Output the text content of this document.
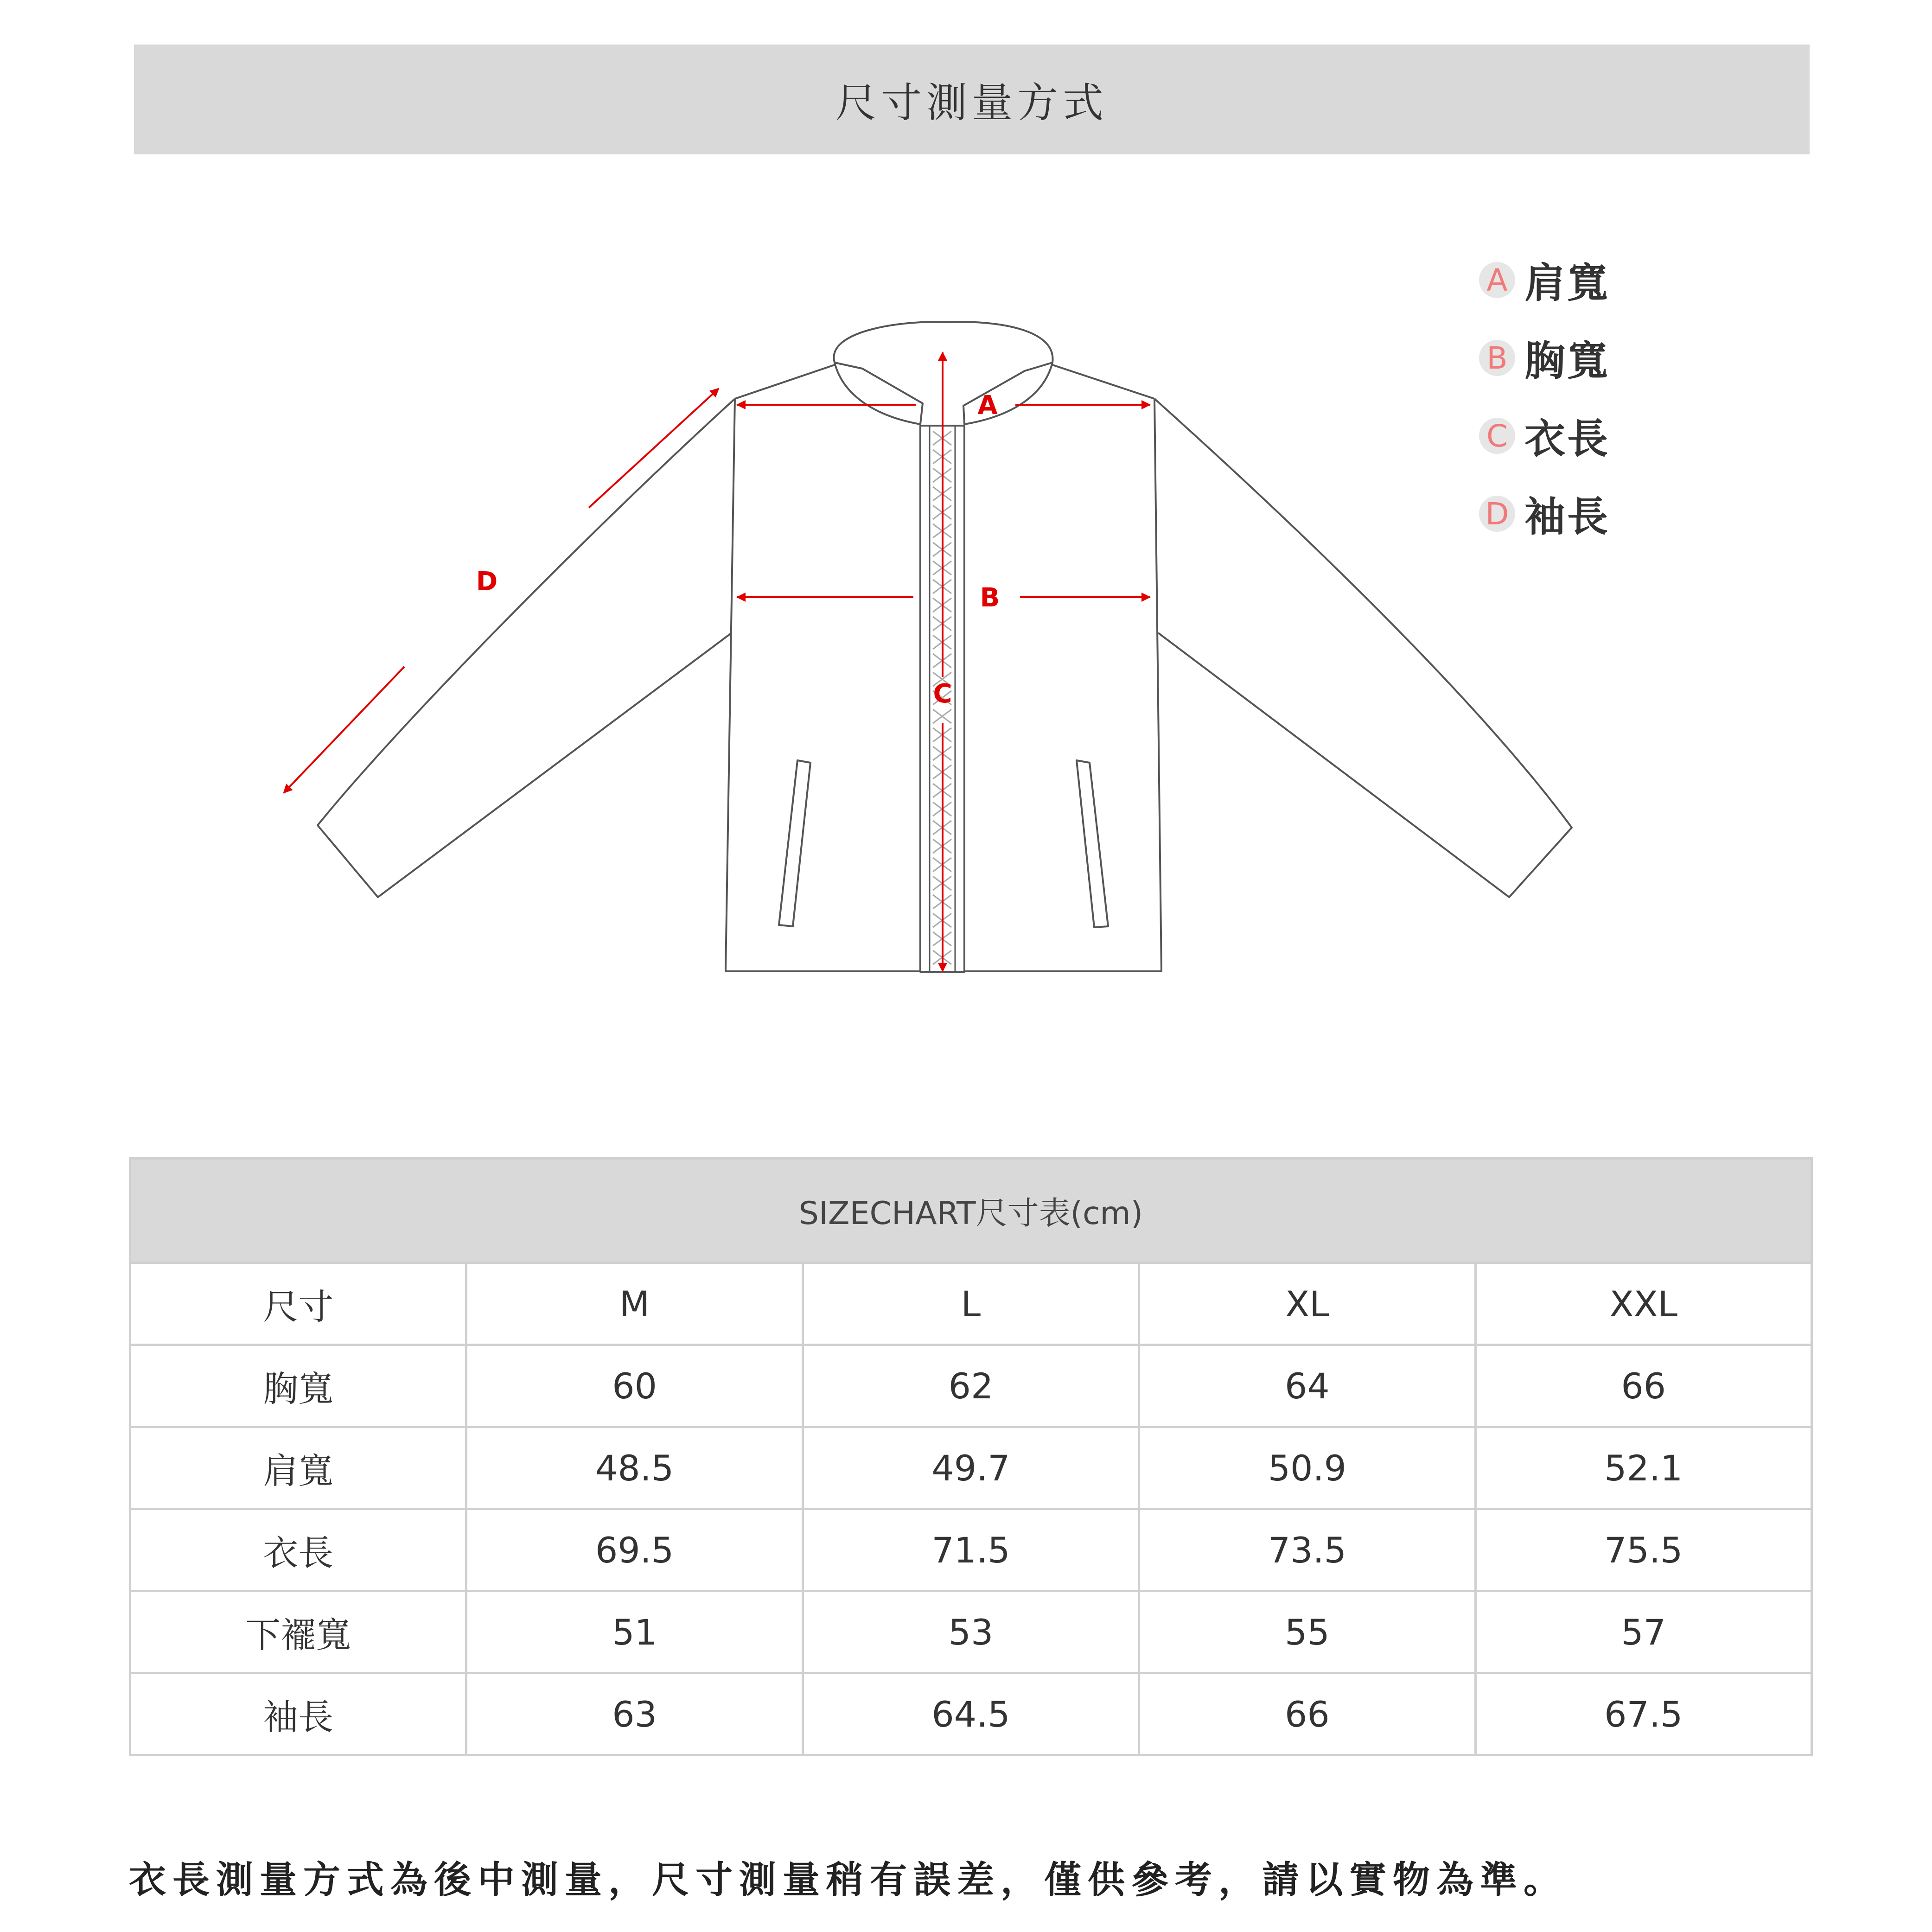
尺寸測量方式
A
B
C
D
A 肩寬
B 胸寬
C 衣長
D 袖長
SIZECHART尺寸表(cm)				
尺寸	M	L	XL	XXL
胸寬	60	62	64	66
肩寬	48.5	49.7	50.9	52.1
衣長	69.5	71.5	73.5	75.5
下襬寬	51	53	55	57
袖長	63	64.5	66	67.5
衣長測量方式為後中測量，尺寸測量稍有誤差，僅供參考，請以實物為準。
